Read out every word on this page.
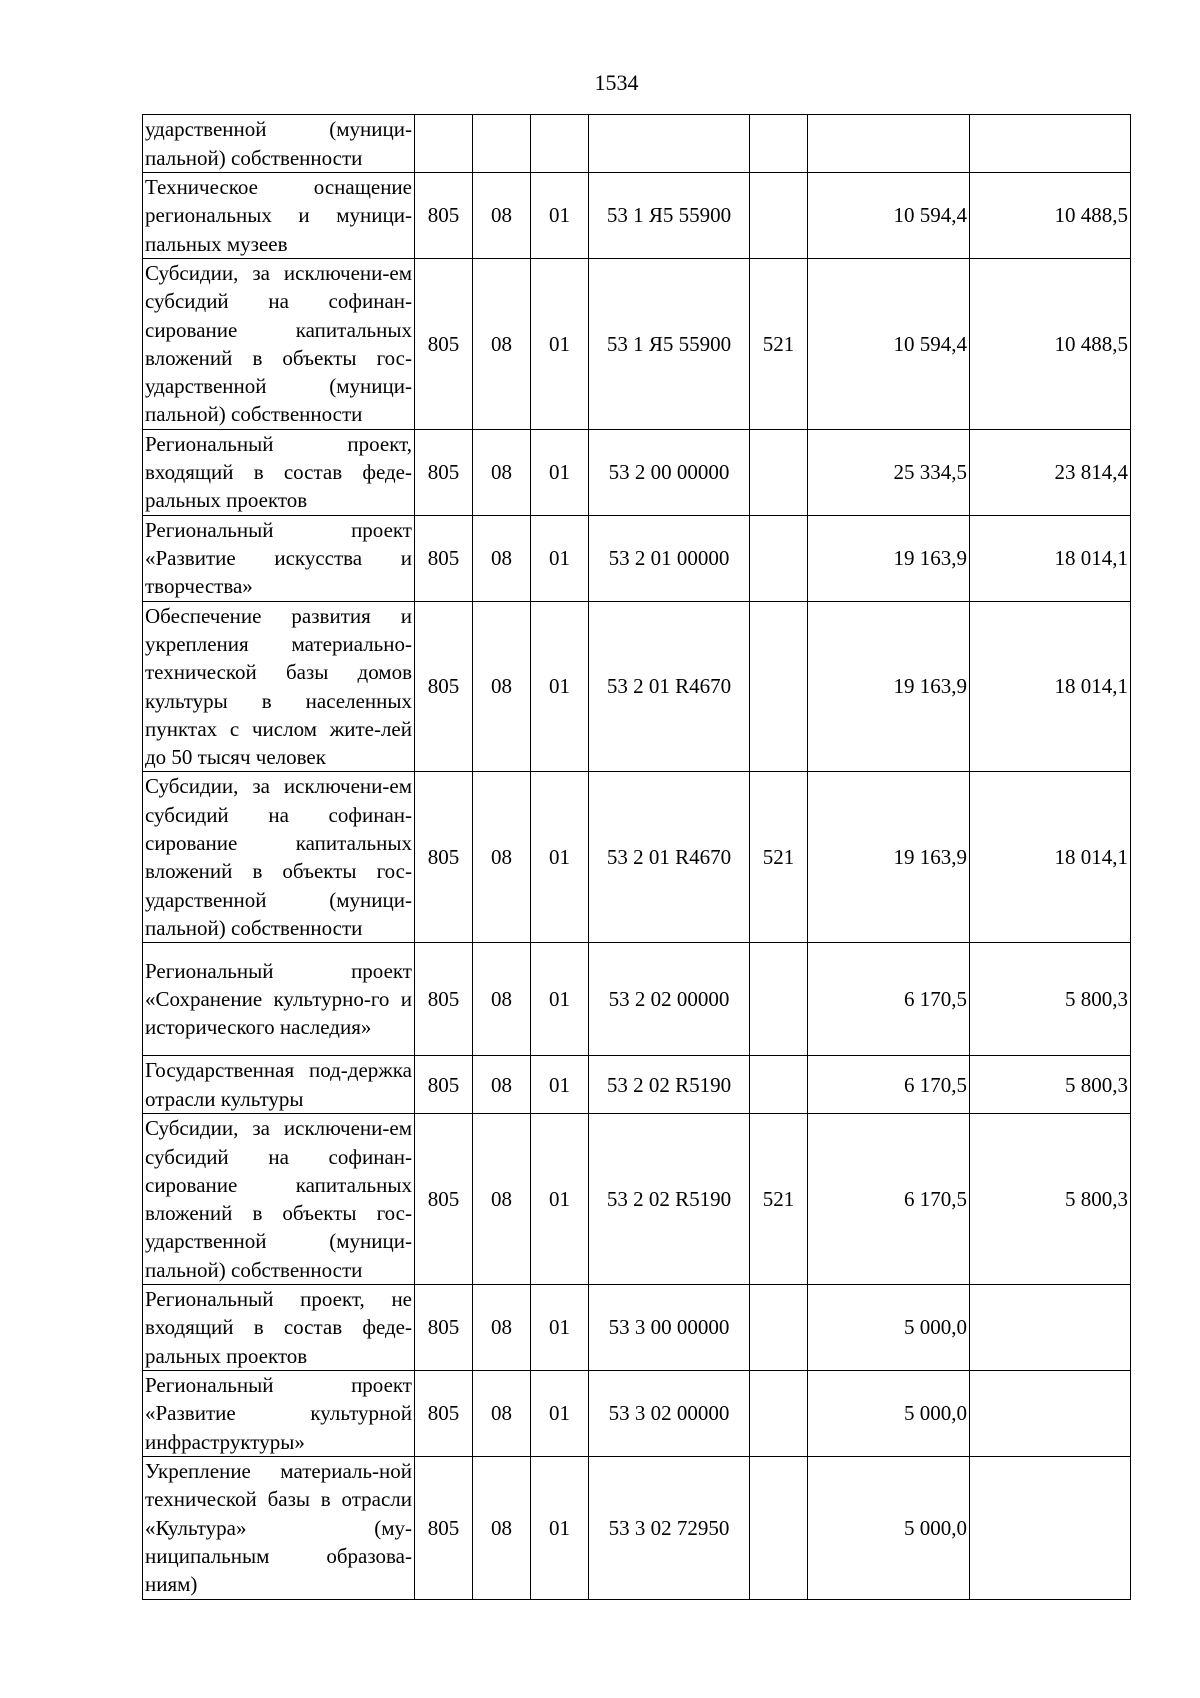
1534
ударственной (муници-пальной) собственности							
Техническое оснащение региональных и муници-пальных музеев	805	08	01	53 1 Я5 55900		10 594,4	10 488,5
Субсидии, за исключени-ем субсидий на софинан-сирование капитальных вложений в объекты гос-ударственной (муници-пальной) собственности	805	08	01	53 1 Я5 55900	521	10 594,4	10 488,5
Региональный проект, входящий в состав феде-ральных проектов	805	08	01	53 2 00 00000		25 334,5	23 814,4
Региональный проект «Развитие искусства и творчества»	805	08	01	53 2 01 00000		19 163,9	18 014,1
Обеспечение развития и укрепления материально-технической базы домов культуры в населенных пунктах с числом жите-лей до 50 тысяч человек	805	08	01	53 2 01 R4670		19 163,9	18 014,1
Субсидии, за исключени-ем субсидий на софинан-сирование капитальных вложений в объекты гос-ударственной (муници-пальной) собственности	805	08	01	53 2 01 R4670	521	19 163,9	18 014,1
Региональный проект «Сохранение культурно-го и исторического наследия»	805	08	01	53 2 02 00000		6 170,5	5 800,3
Государственная под-держка отрасли культуры	805	08	01	53 2 02 R5190		6 170,5	5 800,3
Субсидии, за исключени-ем субсидий на софинан-сирование капитальных вложений в объекты гос-ударственной (муници-пальной) собственности	805	08	01	53 2 02 R5190	521	6 170,5	5 800,3
Региональный проект, не входящий в состав феде-ральных проектов	805	08	01	53 3 00 00000		5 000,0	
Региональный проект «Развитие культурной инфраструктуры»	805	08	01	53 3 02 00000		5 000,0	
Укрепление материаль-ной технической базы в отрасли «Культура» (му-ниципальным образова-ниям)	805	08	01	53 3 02 72950		5 000,0	
